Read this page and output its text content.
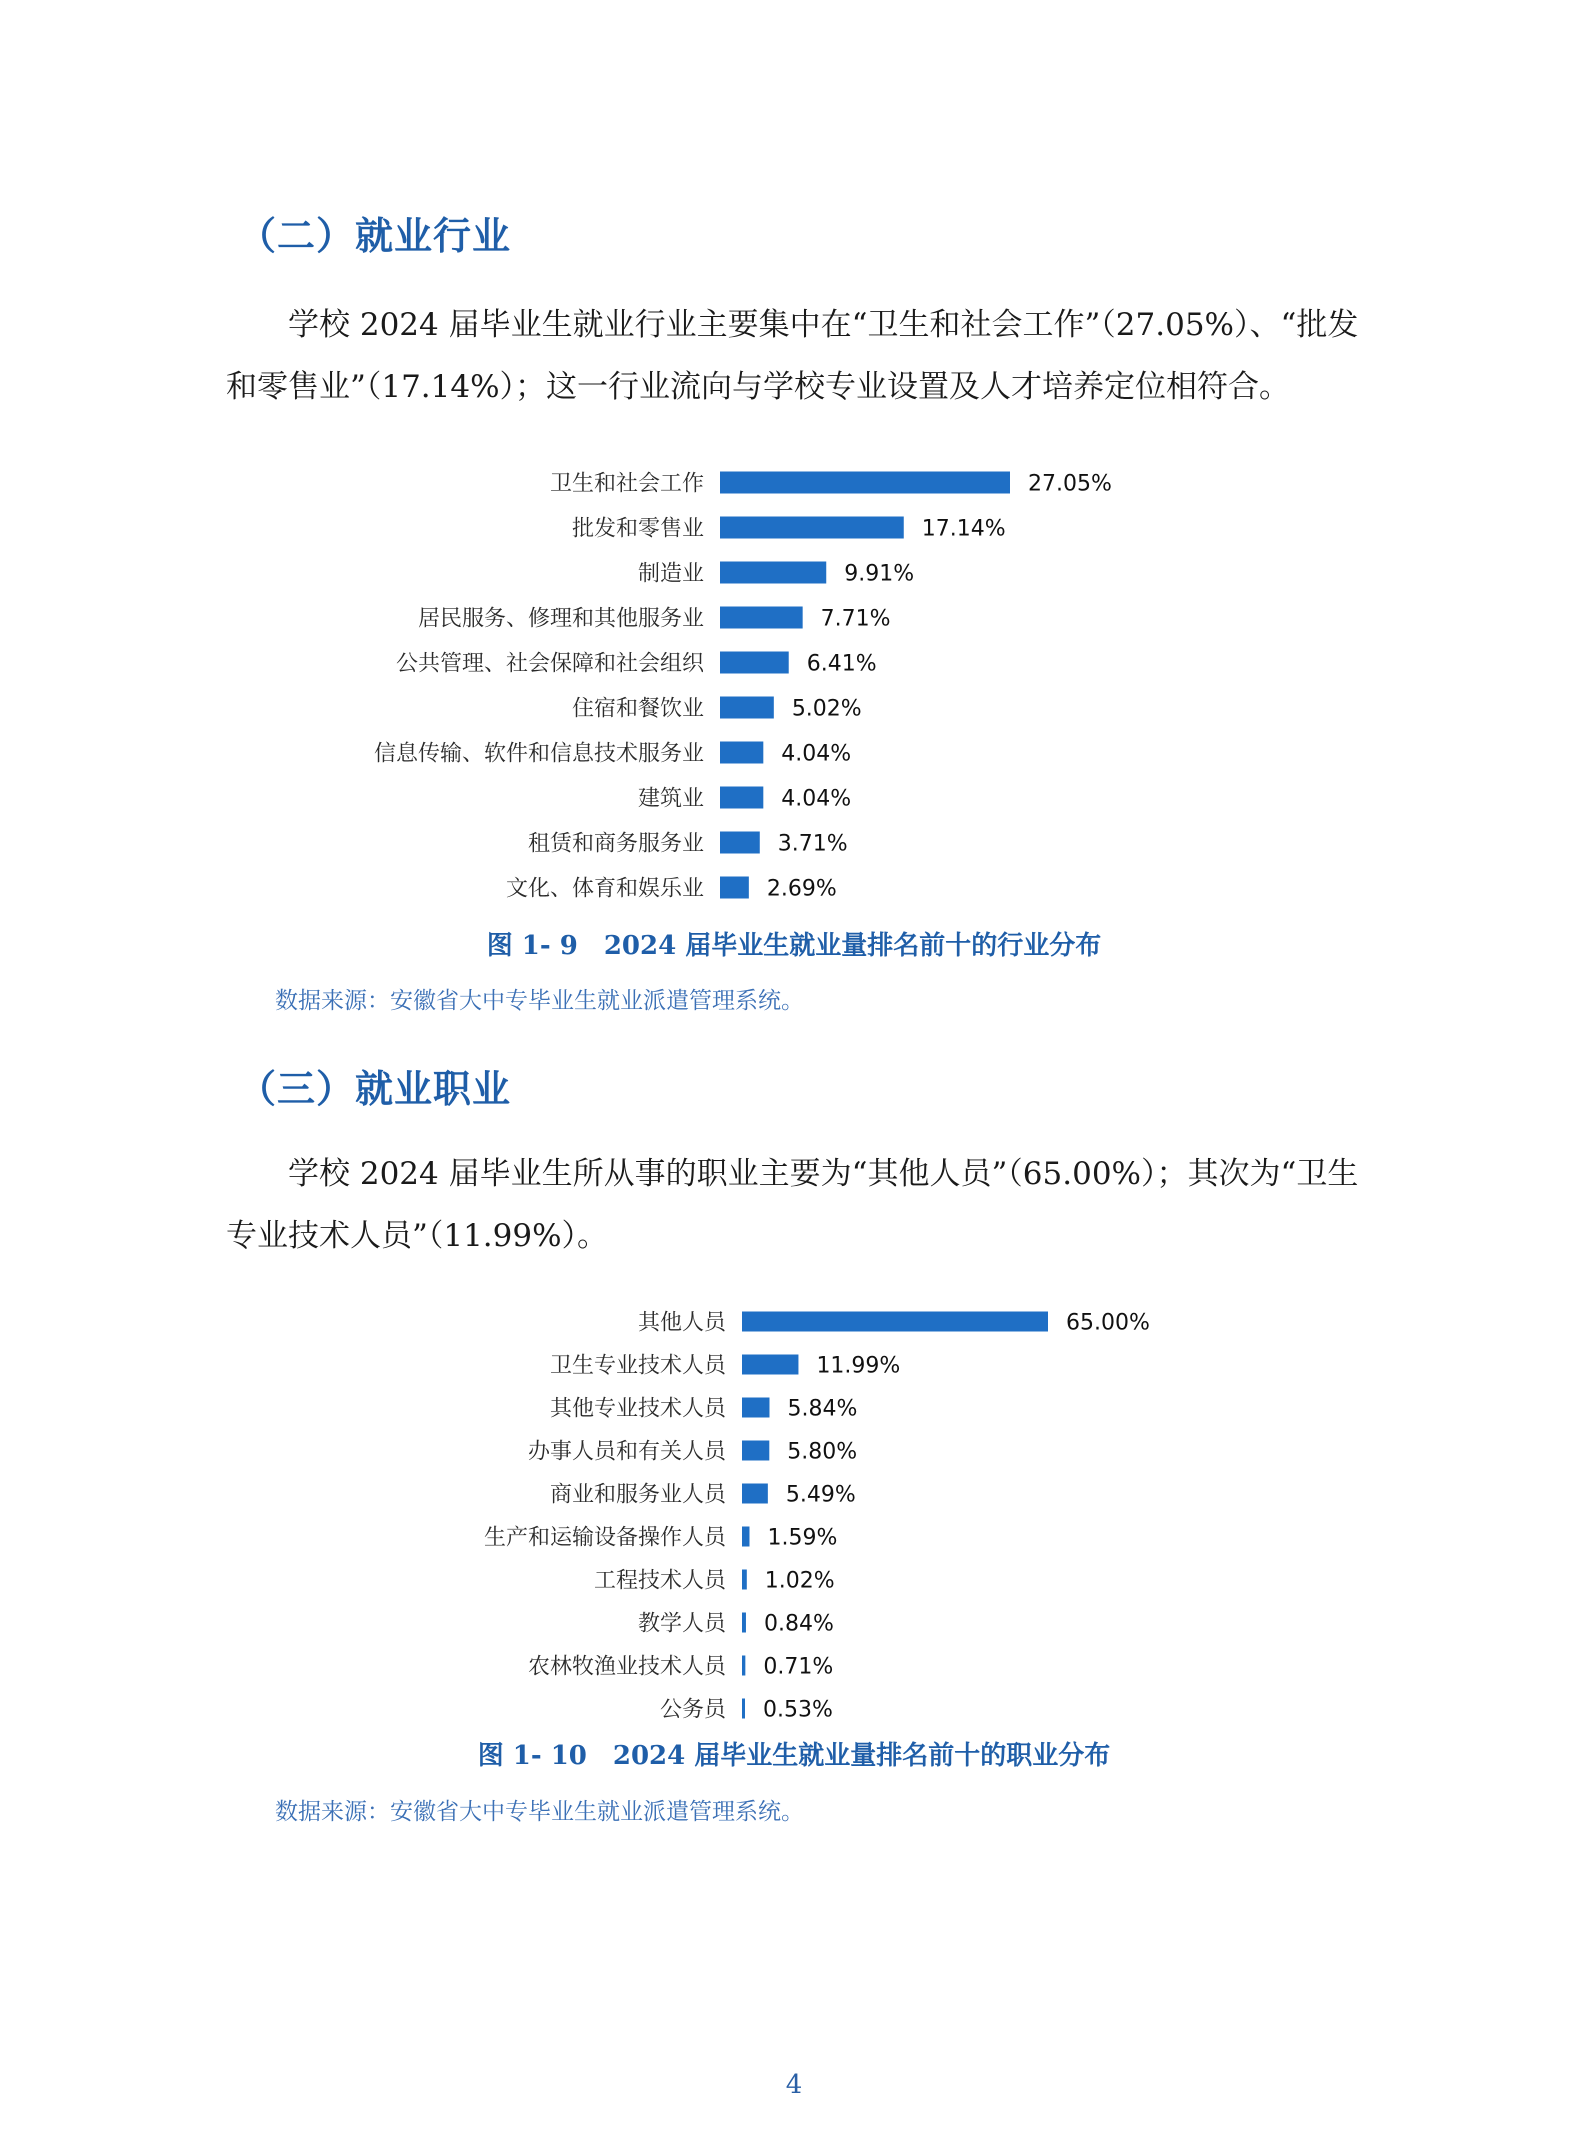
（二）就业行业

学校 2024 届毕业生就业行业主要集中在“卫生和社会工作”（27.05%）、“批发和零售业”（17.14%）；这一行业流向与学校专业设置及人才培养定位相符合。

卫生和社会工作	27.05%
批发和零售业	17.14%
制造业	9.91%
居民服务、修理和其他服务业	7.71%
公共管理、社会保障和社会组织	6.41%
住宿和餐饮业	5.02%
信息传输、软件和信息技术服务业	4.04%
建筑业	4.04%
租赁和商务服务业	3.71%
文化、体育和娱乐业	2.69%
图 1- 9　2024 届毕业生就业量排名前十的行业分布
数据来源：安徽省大中专毕业生就业派遣管理系统。
（三）就业职业

学校 2024 届毕业生所从事的职业主要为“其他人员”（65.00%）；其次为“卫生专业技术人员”（11.99%）。

其他人员	65.00%
卫生专业技术人员	11.99%
其他专业技术人员	5.84%
办事人员和有关人员	5.80%
商业和服务业人员	5.49%
生产和运输设备操作人员 1.59%
工程技术人员 1.02%
教学人员 0.84%
农林牧渔业技术人员 0.71%
公务员 0.53%
图 1- 10　2024 届毕业生就业量排名前十的职业分布
数据来源：安徽省大中专毕业生就业派遣管理系统。
4
